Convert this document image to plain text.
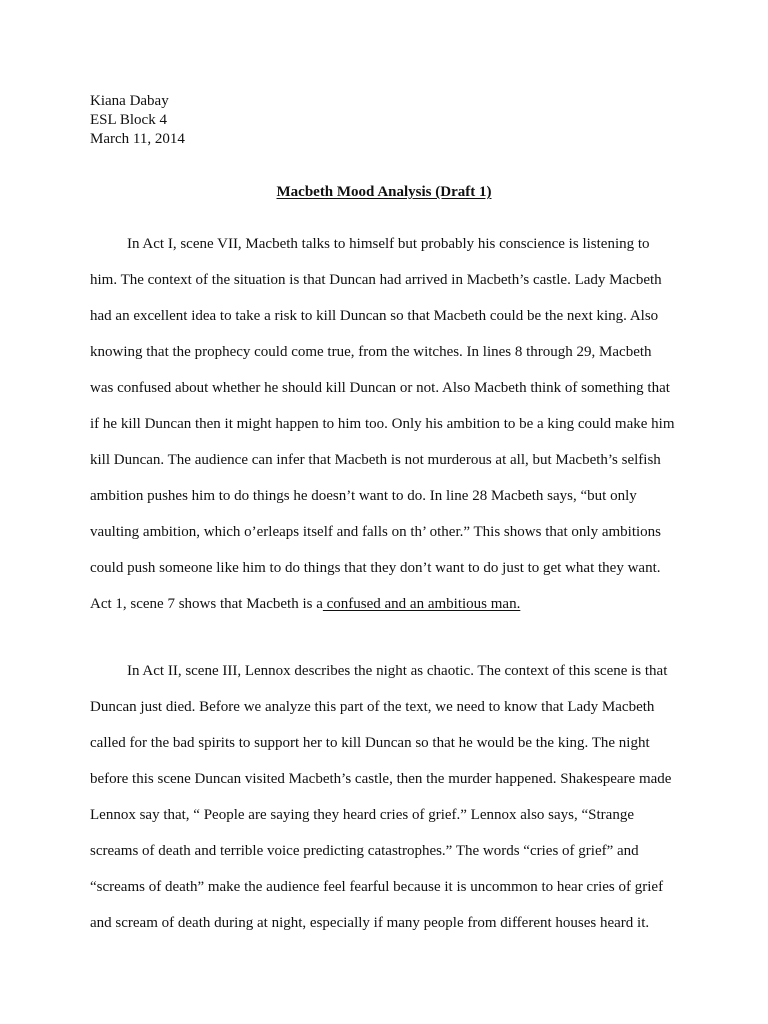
Kiana Dabay
ESL Block 4
March 11, 2014
Macbeth Mood Analysis (Draft 1)
In Act I, scene VII, Macbeth talks to himself but probably his conscience is listening to
him. The context of the situation is that Duncan had arrived in Macbeth’s castle. Lady Macbeth
had an excellent idea to take a risk to kill Duncan so that Macbeth could be the next king. Also
knowing that the prophecy could come true, from the witches. In lines 8 through 29, Macbeth
was confused about whether he should kill Duncan or not. Also Macbeth think of something that
if he kill Duncan then it might happen to him too. Only his ambition to be a king could make him
kill Duncan. The audience can infer that Macbeth is not murderous at all, but Macbeth’s selfish
ambition pushes him to do things he doesn’t want to do. In line 28 Macbeth says, “but only
vaulting ambition, which o’erleaps itself and falls on th’ other.” This shows that only ambitions
could push someone like him to do things that they don’t want to do just to get what they want.
Act 1, scene 7 shows that Macbeth is a confused and an ambitious man.
In Act II, scene III, Lennox describes the night as chaotic. The context of this scene is that
Duncan just died. Before we analyze this part of the text, we need to know that Lady Macbeth
called for the bad spirits to support her to kill Duncan so that he would be the king. The night
before this scene Duncan visited Macbeth’s castle, then the murder happened. Shakespeare made
Lennox say that, “ People are saying they heard cries of grief.” Lennox also says, “Strange
screams of death and terrible voice predicting catastrophes.” The words “cries of grief” and
“screams of death” make the audience feel fearful because it is uncommon to hear cries of grief
and scream of death during at night, especially if many people from different houses heard it.
